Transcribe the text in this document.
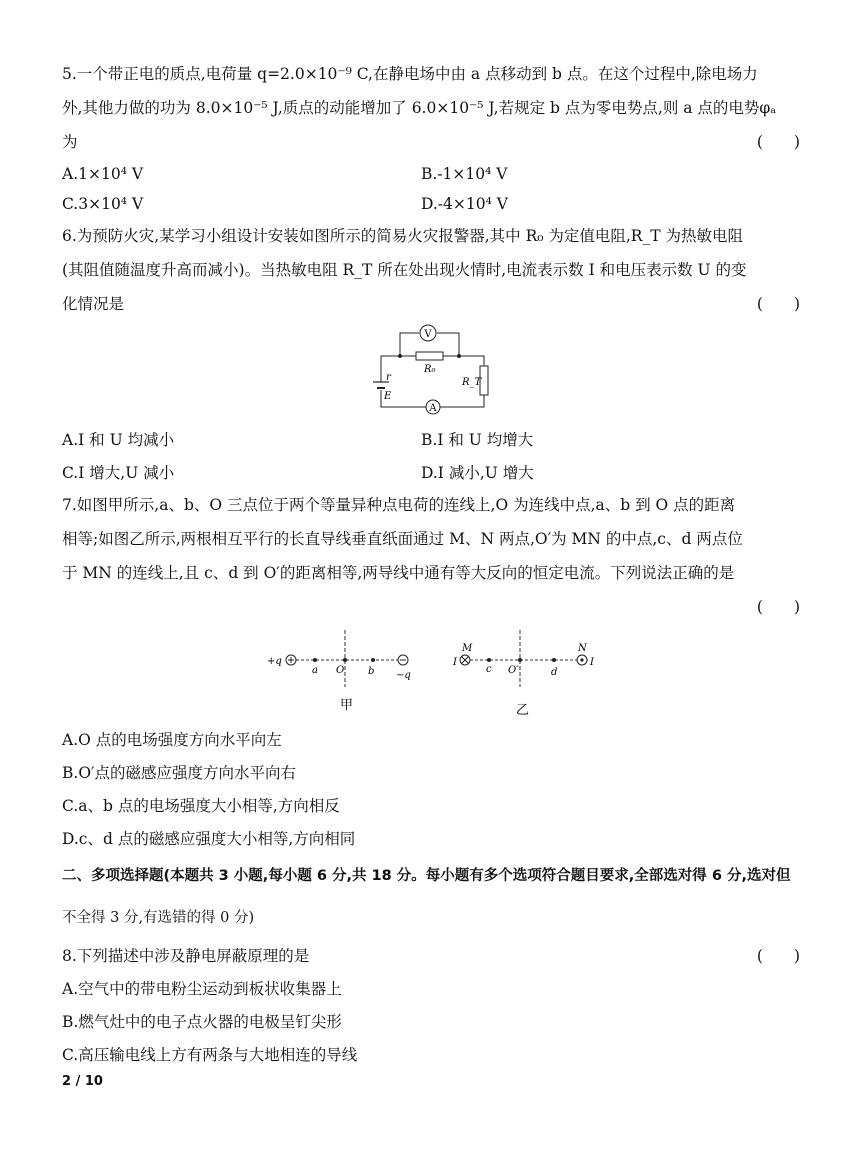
5.一个带正电的质点,电荷量 q=2.0×10⁻⁹ C,在静电场中由 a 点移动到 b 点。在这个过程中,除电场力
外,其他力做的功为 8.0×10⁻⁵ J,质点的动能增加了 6.0×10⁻⁵ J,若规定 b 点为零电势点,则 a 点的电势φₐ
为	(　　)
A.1×10⁴ V	B.-1×10⁴ V
C.3×10⁴ V	D.-4×10⁴ V
6.为预防火灾,某学习小组设计安装如图所示的简易火灾报警器,其中 R₀ 为定值电阻,R_T 为热敏电阻
(其阻值随温度升高而减小)。当热敏电阻 R_T 所在处出现火情时,电流表示数 I 和电压表示数 U 的变
化情况是	(　　)
V
A
R₀
R_T
r
E
A.I 和 U 均减小	B.I 和 U 均增大
C.I 增大,U 减小	D.I 减小,U 增大
7.如图甲所示,a、b、O 三点位于两个等量异种点电荷的连线上,O 为连线中点,a、b 到 O 点的距离
相等;如图乙所示,两根相互平行的长直导线垂直纸面通过 M、N 两点,O′为 MN 的中点,c、d 两点位
于 MN 的连线上,且 c、d 到 O′的距离相等,两导线中通有等大反向的恒定电流。下列说法正确的是
(　　)
+q
a O b −q
甲
I
M
c O′	d
N
I
乙
A.O 点的电场强度方向水平向左
B.O′点的磁感应强度方向水平向右
C.a、b 点的电场强度大小相等,方向相反
D.c、d 点的磁感应强度大小相等,方向相同
二、多项选择题(本题共 3 小题,每小题 6 分,共 18 分。每小题有多个选项符合题目要求,全部选对得 6 分,选对但
不全得 3 分,有选错的得 0 分)
8.下列描述中涉及静电屏蔽原理的是	(　　)
A.空气中的带电粉尘运动到板状收集器上
B.燃气灶中的电子点火器的电极呈钉尖形
C.高压输电线上方有两条与大地相连的导线
2 / 10
